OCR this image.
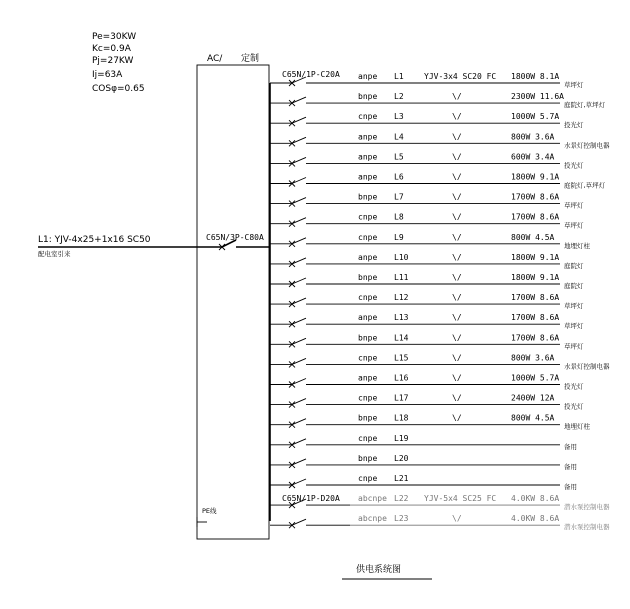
Pe=30KW
Kc=0.9A
Pj=27KW
Ij=63A
COSφ=0.65
AC/ 定制
L1: YJV-4x25+1x16 SC50
配电室引来
C65N/3P-C80A
C65N/1P-C20A
C65N/1P-D20A
PE线
anpe L1	YJV-3x4 SC20 FC 1800W 8.1A
草坪灯
bnpe L2	\/	2300W 11.6A
庭院灯,草坪灯
cnpe L3	\/	1000W 5.7A
投光灯
anpe L4	\/	800W 3.6A
水景灯控制电器
anpe L5	\/	600W 3.4A
投光灯
anpe L6	\/	1800W 9.1A
庭院灯,草坪灯
bnpe L7	\/	1700W 8.6A
草坪灯
cnpe L8	\/	1700W 8.6A
草坪灯
cnpe L9	\/	800W 4.5A
地埋灯柱
anpe L10	\/	1800W 9.1A
庭院灯
bnpe L11	\/	1800W 9.1A
庭院灯
cnpe L12	\/	1700W 8.6A
草坪灯
anpe L13	\/	1700W 8.6A
草坪灯
bnpe L14	\/	1700W 8.6A
草坪灯
cnpe L15	\/	800W 3.6A
水景灯控制电器
anpe L16	\/	1000W 5.7A
投光灯
cnpe L17	\/	2400W 12A
投光灯
bnpe L18	\/	800W 4.5A
地埋灯柱
cnpe L19
备用
bnpe L20
备用
cnpe L21
备用
abcnpe L22 YJV-5x4 SC25 FC 4.0KW 8.6A
潜水泵控制电器
abcnpe L23	\/	4.0KW 8.6A
潜水泵控制电器
供电系统图
